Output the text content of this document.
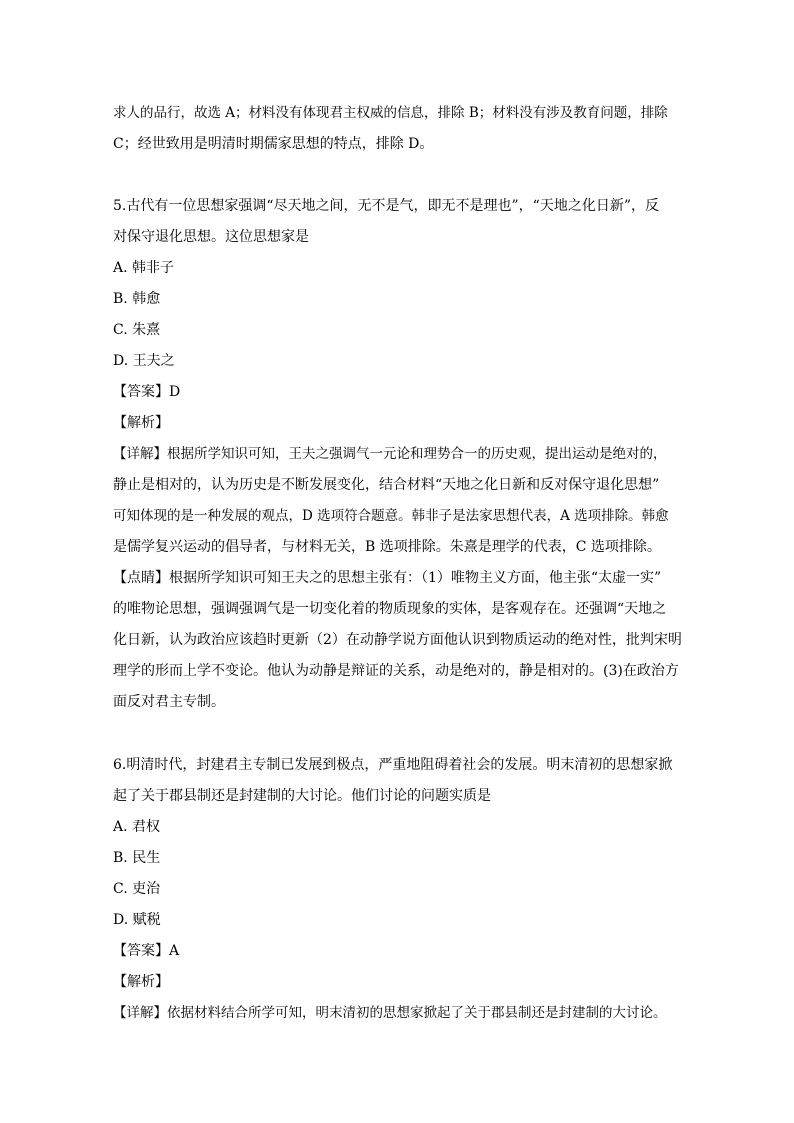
求人的品行，故选 A；材料没有体现君主权威的信息，排除 B；材料没有涉及教育问题，排除
C；经世致用是明清时期儒家思想的特点，排除 D。
5.古代有一位思想家强调“尽天地之间，无不是气，即无不是理也”，“天地之化日新”，反
对保守退化思想。这位思想家是
A. 韩非子
B. 韩愈
C. 朱熹
D. 王夫之
【答案】D
【解析】
【详解】根据所学知识可知，王夫之强调气一元论和理势合一的历史观，提出运动是绝对的，
静止是相对的，认为历史是不断发展变化，结合材料“天地之化日新和反对保守退化思想”
可知体现的是一种发展的观点，D 选项符合题意。韩非子是法家思想代表，A 选项排除。韩愈
是儒学复兴运动的倡导者，与材料无关，B 选项排除。朱熹是理学的代表，C 选项排除。
【点睛】根据所学知识可知王夫之的思想主张有：（1）唯物主义方面，他主张“太虚一实”
的唯物论思想，强调强调气是一切变化着的物质现象的实体，是客观存在。还强调“天地之
化日新，认为政治应该趋时更新（2）在动静学说方面他认识到物质运动的绝对性，批判宋明
理学的形而上学不变论。他认为动静是辩证的关系，动是绝对的，静是相对的。(3)在政治方
面反对君主专制。
6.明清时代，封建君主专制已发展到极点，严重地阻碍着社会的发展。明末清初的思想家掀
起了关于郡县制还是封建制的大讨论。他们讨论的问题实质是
A. 君权
B. 民生
C. 吏治
D. 赋税
【答案】A
【解析】
【详解】依据材料结合所学可知，明末清初的思想家掀起了关于郡县制还是封建制的大讨论。
